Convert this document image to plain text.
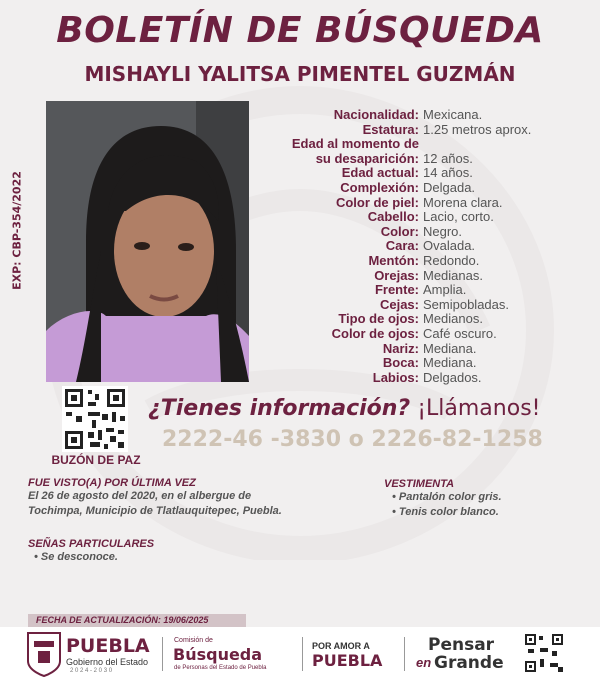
BOLETÍN DE BÚSQUEDA
MISHAYLI YALITSA PIMENTEL GUZMÁN
EXP: CBP-354/2022
Nacionalidad: Mexicana.
Estatura: 1.25 metros aprox.
Edad al momento de
su desaparición: 12 años.
Edad actual: 14 años.
Complexión: Delgada.
Color de piel: Morena clara.
Cabello: Lacio, corto.
Color: Negro.
Cara: Ovalada.
Mentón: Redondo.
Orejas: Medianas.
Frente: Amplia.
Cejas: Semipobladas.
Tipo de ojos: Medianos.
Color de ojos: Café oscuro.
Nariz: Mediana.
Boca: Mediana.
Labios: Delgados.
BUZÓN DE PAZ
¿Tienes información? ¡Llámanos!
2222-46 -3830 o 2226-82-1258
FUE VISTO(A) POR ÚLTIMA VEZ
El 26 de agosto del 2020, en el albergue de
Tochimpa, Municipio de Tlatlauquitepec, Puebla.
VESTIMENTA
• Pantalón color gris.
• Tenis color blanco.
SEÑAS PARTICULARES
• Se desconoce.
FECHA DE ACTUALIZACIÓN: 19/06/2025
PUEBLA
Gobierno del Estado
2 0 2 4 - 2 0 3 0
Comisión de
Búsqueda
de Personas del Estado de Puebla
POR AMOR A
PUEBLA
Pensar
en Grande
